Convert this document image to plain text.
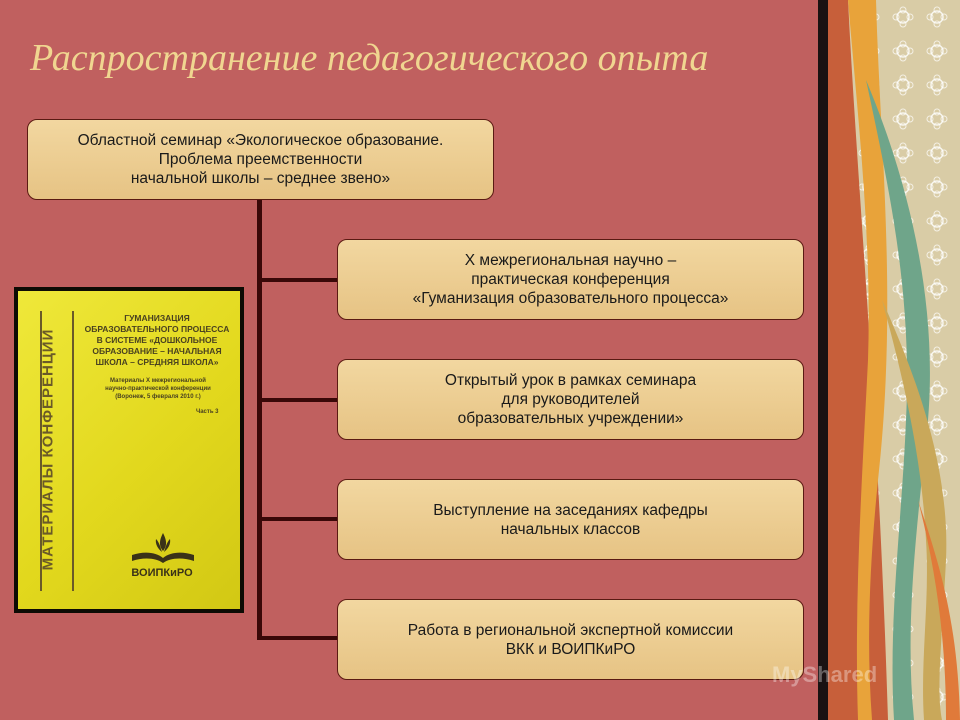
Распространение педагогического опыта
Областной семинар «Экологическое образование.
Проблема преемственности
начальной школы – среднее звено»
X межрегиональная научно –
практическая конференция
«Гуманизация образовательного процесса»
Открытый урок в рамках семинара
для руководителей
образовательных учреждении»
Выступление на заседаниях кафедры
начальных классов
Работа в региональной экспертной комиссии
ВКК и ВОИПКиРО
МАТЕРИАЛЫ КОНФЕРЕНЦИИ
ГУМАНИЗАЦИЯ
ОБРАЗОВАТЕЛЬНОГО ПРОЦЕССА
В СИСТЕМЕ «ДОШКОЛЬНОЕ
ОБРАЗОВАНИЕ – НАЧАЛЬНАЯ
ШКОЛА – СРЕДНЯЯ ШКОЛА»
Материалы X межрегиональной
научно-практической конференции
(Воронеж, 5 февраля 2010 г.)
Часть 3
ВОИПКиРО
MyShared
